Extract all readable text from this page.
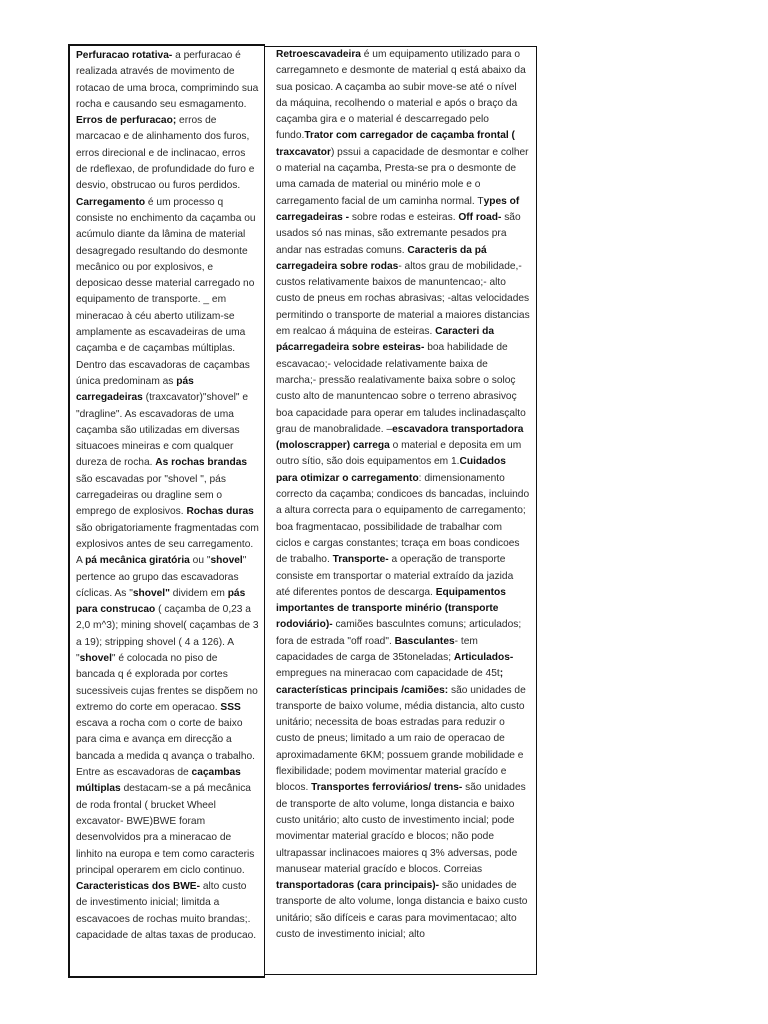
Perfuracao rotativa- a perfuracao é realizada através de movimento de rotacao de uma broca, comprimindo sua rocha e causando seu esmagamento. Erros de perfuracao; erros de marcacao e de alinhamento dos furos, erros direcional e de inclinacao, erros de rdeflexao, de profundidade do furo e desvio, obstrucao ou furos perdidos. Carregamento é um processo q consiste no enchimento da caçamba ou acúmulo diante da lâmina de material desagregado resultando do desmonte mecânico ou por explosivos, e deposicao desse material carregado no equipamento de transporte. _ em mineracao à céu aberto utilizam-se amplamente as escavadeiras de uma caçamba e de caçambas múltiplas. Dentro das escavadoras de caçambas única predominam as pás carregadeiras (traxcavator)"shovel" e "dragline". As escavadoras de uma caçamba são utilizadas em diversas situacoes mineiras e com qualquer dureza de rocha. As rochas brandas são escavadas por "shovel ", pás carregadeiras ou dragline sem o emprego de explosivos. Rochas duras são obrigatoriamente fragmentadas com explosivos antes de seu carregamento. A pá mecânica giratória ou "shovel" pertence ao grupo das escavadoras cíclicas. As "shovel" dividem em pás para construcao ( caçamba de 0,23 a 2,0 m^3); mining shovel( caçambas de 3 a 19); stripping shovel ( 4 a 126). A "shovel" é colocada no piso de bancada q é explorada por cortes sucessiveis cujas frentes se dispõem no extremo do corte em operacao. SSS escava a rocha com o corte de baixo para cima e avança em direcção a bancada a medida q avança o trabalho. Entre as escavadoras de caçambas múltiplas destacam-se a pá mecânica de roda frontal ( brucket Wheel excavator- BWE)BWE foram desenvolvidos pra a mineracao de linhito na europa e tem como caracteris principal operarem em ciclo continuo. Caracteristicas dos BWE- alto custo de investimento inicial; limitda a escavacoes de rochas muito brandas;. capacidade de altas taxas de producao.

Retroescavadeira é um equipamento utilizado para o carregamneto e desmonte de material q está abaixo da sua posicao. A caçamba ao subir move-se até o nível da máquina, recolhendo o material e após o braço da caçamba gira e o material é descarregado pelo fundo.Trator com carregador de caçamba frontal ( traxcavator) pssui a capacidade de desmontar e colher o material na caçamba, Presta-se pra o desmonte de uma camada de material ou minério mole e o carregamento facial de um caminha normal. Types of carregadeiras - sobre rodas e esteiras. Off road- são usados só nas minas, são extremante pesados pra andar nas estradas comuns. Caracteris da pá carregadeira sobre rodas- altos grau de mobilidade,- custos relativamente baixos de manuntencao;- alto custo de pneus em rochas abrasivas; -altas velocidades permitindo o transporte de material a maiores distancias em realcao á máquina de esteiras. Caracteri da pácarregadeira sobre esteiras- boa habilidade de escavacao;- velocidade relativamente baixa de marcha;- pressão realativamente baixa sobre o soloç custo alto de manuntencao sobre o terreno abrasivoç boa capacidade para operar em taludes inclinadasçalto grau de manobralidade. –escavadora transportadora (moloscrapper) carrega o material e deposita em um outro sítio, são dois equipamentos em 1.Cuidados para otimizar o carregamento: dimensionamento correcto da caçamba; condicoes ds bancadas, incluindo a altura correcta para o equipamento de carregamento; boa fragmentacao, possibilidade de trabalhar com ciclos e cargas constantes; tcraça em boas condicoes de trabalho. Transporte- a operação de transporte consiste em transportar o material extraído da jazida até diferentes pontos de descarga. Equipamentos importantes de transporte minério (transporte rodoviário)- camiões basculntes comuns; articulados; fora de estrada "off road". Basculantes- tem capacidades de carga de 35toneladas; Articulados- empregues na mineracao com capacidade de 45t; características principais /camiões: são unidades de transporte de baixo volume, média distancia, alto custo unitário; necessita de boas estradas para reduzir o custo de pneus; limitado a um raio de operacao de aproximadamente 6KM; possuem grande mobilidade e flexibilidade; podem movimentar material gracído e blocos. Transportes ferroviários/ trens- são unidades de transporte de alto volume, longa distancia e baixo custo unitário; alto custo de investimento incial; pode movimentar material gracído e blocos; não pode ultrapassar inclinacoes maiores q 3% adversas, pode manusear material gracído e blocos. Correias transportadoras (cara principais)- são unidades de transporte de alto volume, longa distancia e baixo custo unitário; são difíceis e caras para movimentacao; alto custo de investimento inicial; alto
